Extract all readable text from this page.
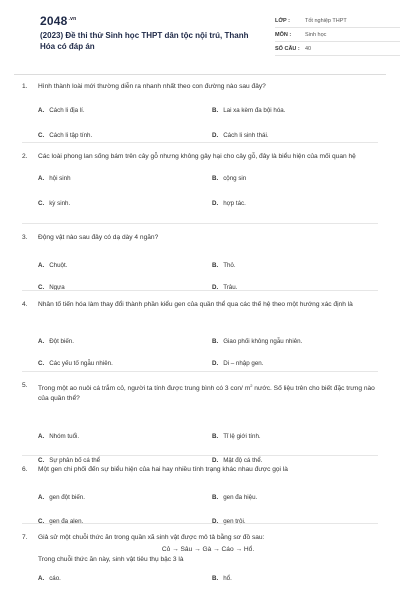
$2048^{.vn}$
(2023) Đề thi thử Sinh học THPT dân tộc nội trú, Thanh Hóa có đáp án
LỚP :	Tốt nghiệp THPT
MÔN :	Sinh học
SỐ CÂU : 40
1.	Hình thành loài mới thường diễn ra nhanh nhất theo con đường nào sau đây?
A. Cách li địa lí.	B. Lai xa kèm đa bội hóa.
C. Cách li tập tính.	D. Cách li sinh thái.
2.	Các loài phong lan sống bám trên cây gỗ nhưng không gây hại cho cây gỗ, đây là biểu hiện của mối quan hệ
A. hội sinh	B. cộng sin
C. kỳ sinh.	D. hợp tác.
3.	Động vật nào sau đây có dạ dày 4 ngăn?
A. Chuột.	B. Thỏ.
C. Ngựa	D. Trâu.
4.	Nhân tố tiến hóa làm thay đổi thành phần kiểu gen của quần thể qua các thế hệ theo một hướng xác định là
A. Đột biến.	B. Giao phối không ngẫu nhiên.
C. Các yếu tố ngẫu nhiên.	D. Di – nhập gen.
5.	Trong một ao nuôi cá trắm cỏ, người ta tính được trung bình có 3 con/ $m^2$ nước. Số liệu trên cho biết đặc trưng nào của quần thể?
A. Nhóm tuổi.	B. Tỉ lệ giới tính.
C. Sự phân bố cá thể	D. Mật độ cá thể.
6.	Một gen chi phối đến sự biểu hiện của hai hay nhiều tính trạng khác nhau được gọi là
A. gen đột biến.	B. gen đa hiệu.
C. gen đa alen.	D. gen trội.
7.	Giả sử một chuỗi thức ăn trong quần xã sinh vật được mô tả bằng sơ đồ sau:
Cỏ → Sâu → Gà → Cáo → Hổ.
Trong chuỗi thức ăn này, sinh vật tiêu thụ bậc 3 là
A. cáo.	B. hổ.
